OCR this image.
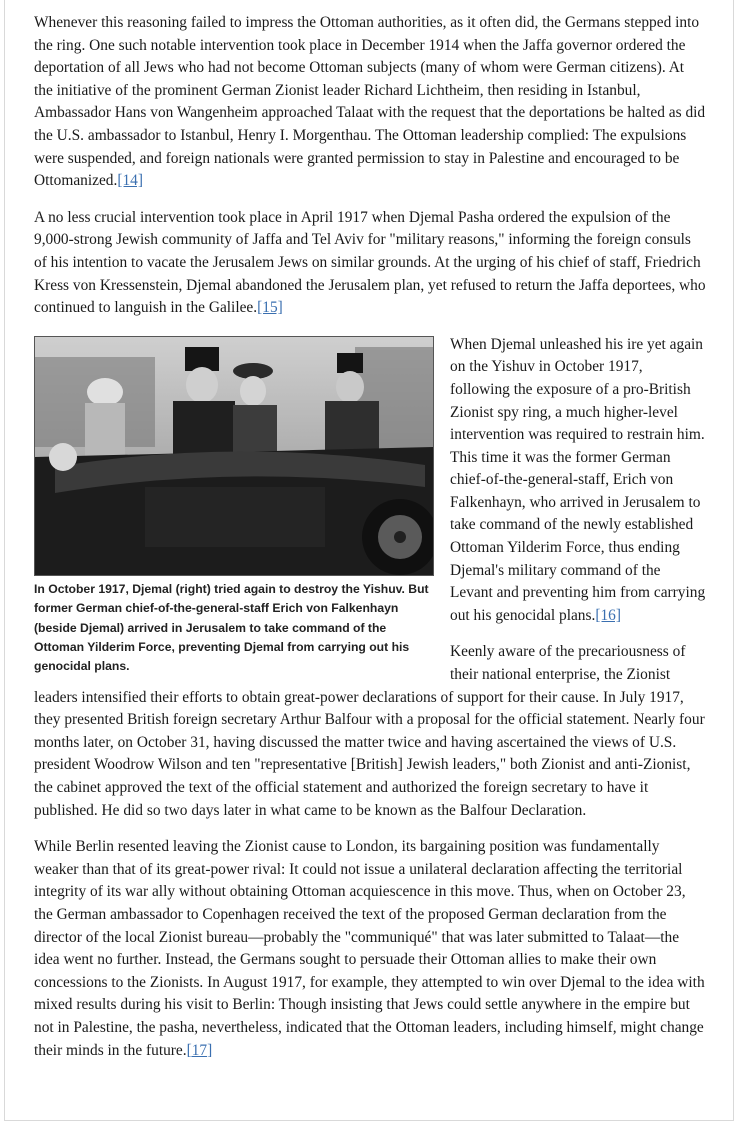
Whenever this reasoning failed to impress the Ottoman authorities, as it often did, the Germans stepped into the ring. One such notable intervention took place in December 1914 when the Jaffa governor ordered the deportation of all Jews who had not become Ottoman subjects (many of whom were German citizens). At the initiative of the prominent German Zionist leader Richard Lichtheim, then residing in Istanbul, Ambassador Hans von Wangenheim approached Talaat with the request that the deportations be halted as did the U.S. ambassador to Istanbul, Henry I. Morgenthau. The Ottoman leadership complied: The expulsions were suspended, and foreign nationals were granted permission to stay in Palestine and encouraged to be Ottomanized.[14]

A no less crucial intervention took place in April 1917 when Djemal Pasha ordered the expulsion of the 9,000-strong Jewish community of Jaffa and Tel Aviv for "military reasons," informing the foreign consuls of his intention to vacate the Jerusalem Jews on similar grounds. At the urging of his chief of staff, Friedrich Kress von Kressenstein, Djemal abandoned the Jerusalem plan, yet refused to return the Jaffa deportees, who continued to languish in the Galilee.[15]

In October 1917, Djemal (right) tried again to destroy the Yishuv. But former German chief-of-the-general-staff Erich von Falkenhayn (beside Djemal) arrived in Jerusalem to take command of the Ottoman Yilderim Force, preventing Djemal from carrying out his genocidal plans.

When Djemal unleashed his ire yet again on the Yishuv in October 1917, following the exposure of a pro-British Zionist spy ring, a much higher-level intervention was required to restrain him. This time it was the former German chief-of-the-general-staff, Erich von Falkenhayn, who arrived in Jerusalem to take command of the newly established Ottoman Yilderim Force, thus ending Djemal's military command of the Levant and preventing him from carrying out his genocidal plans.[16]

Keenly aware of the precariousness of their national enterprise, the Zionist leaders intensified their efforts to obtain great-power declarations of support for their cause. In July 1917, they presented British foreign secretary Arthur Balfour with a proposal for the official statement. Nearly four months later, on October 31, having discussed the matter twice and having ascertained the views of U.S. president Woodrow Wilson and ten "representative [British] Jewish leaders," both Zionist and anti-Zionist, the cabinet approved the text of the official statement and authorized the foreign secretary to have it published. He did so two days later in what came to be known as the Balfour Declaration.

While Berlin resented leaving the Zionist cause to London, its bargaining position was fundamentally weaker than that of its great-power rival: It could not issue a unilateral declaration affecting the territorial integrity of its war ally without obtaining Ottoman acquiescence in this move. Thus, when on October 23, the German ambassador to Copenhagen received the text of the proposed German declaration from the director of the local Zionist bureau—probably the "communiqué" that was later submitted to Talaat—the idea went no further. Instead, the Germans sought to persuade their Ottoman allies to make their own concessions to the Zionists. In August 1917, for example, they attempted to win over Djemal to the idea with mixed results during his visit to Berlin: Though insisting that Jews could settle anywhere in the empire but not in Palestine, the pasha, nevertheless, indicated that the Ottoman leaders, including himself, might change their minds in the future.[17]
